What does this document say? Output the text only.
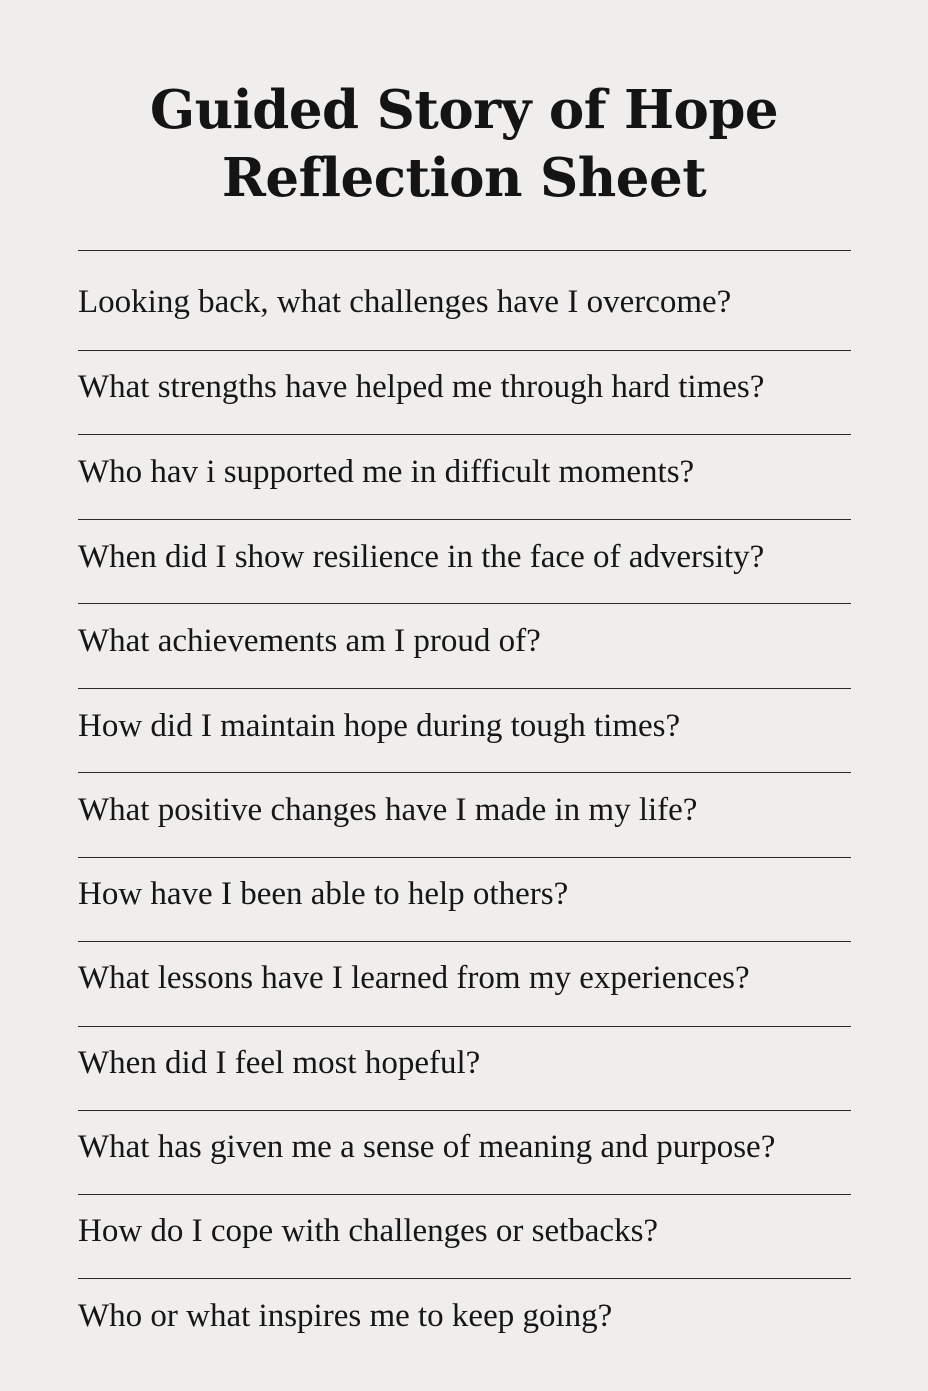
Guided Story of Hope
Reflection Sheet
Looking back, what challenges have I overcome?
What strengths have helped me through hard times?
Who hav i supported me in difficult moments?
When did I show resilience in the face of adversity?
What achievements am I proud of?
How did I maintain hope during tough times?
What positive changes have I made in my life?
How have I been able to help others?
What lessons have I learned from my experiences?
When did I feel most hopeful?
What has given me a sense of meaning and purpose?
How do I cope with challenges or setbacks?
Who or what inspires me to keep going?
